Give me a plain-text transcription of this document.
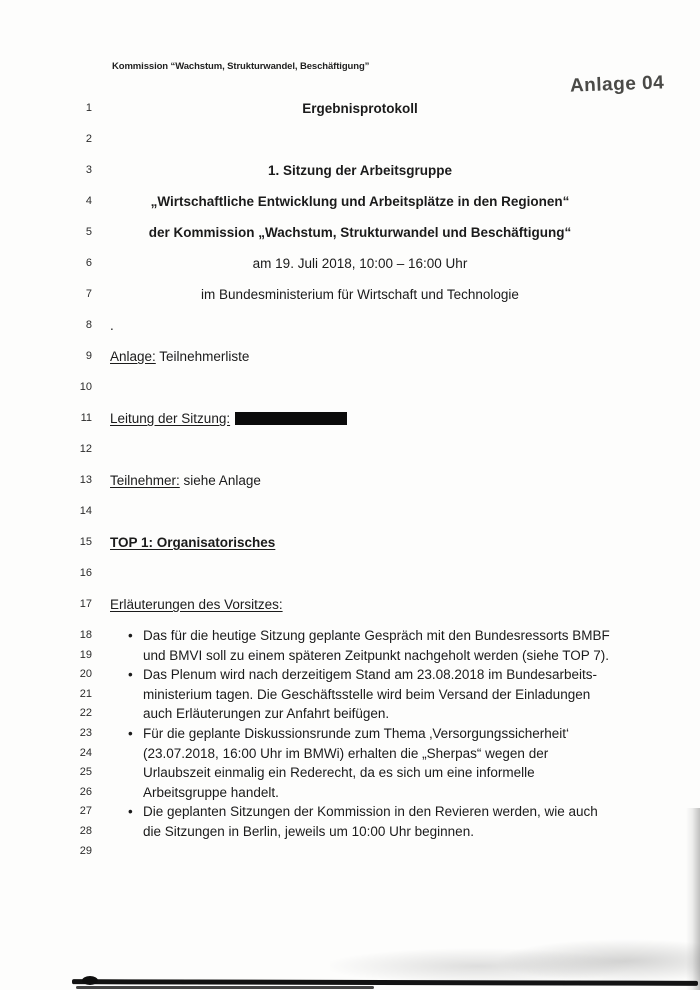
Kommission “Wachstum, Strukturwandel, Beschäftigung”
Anlage 04
1	Ergebnisprotokoll
2
3	1. Sitzung der Arbeitsgruppe
4	„Wirtschaftliche Entwicklung und Arbeitsplätze in den Regionen“
5	der Kommission „Wachstum, Strukturwandel und Beschäftigung“
6	am 19. Juli 2018, 10:00 – 16:00 Uhr
7	im Bundesministerium für Wirtschaft und Technologie
8 .
9 Anlage: Teilnehmerliste
10
11 Leitung der Sitzung:
12
13 Teilnehmer: siehe Anlage
14
15 TOP 1: Organisatorisches
16
17 Erläuterungen des Vorsitzes:
18	• Das für die heutige Sitzung geplante Gespräch mit den Bundesressorts BMBF
19	und BMVI soll zu einem späteren Zeitpunkt nachgeholt werden (siehe TOP 7).
20	• Das Plenum wird nach derzeitigem Stand am 23.08.2018 im Bundesarbeits-
21	ministerium tagen. Die Geschäftsstelle wird beim Versand der Einladungen
22	auch Erläuterungen zur Anfahrt beifügen.
23	• Für die geplante Diskussionsrunde zum Thema ‚Versorgungssicherheit‘
24	(23.07.2018, 16:00 Uhr im BMWi) erhalten die „Sherpas“ wegen der
25	Urlaubszeit einmalig ein Rederecht, da es sich um eine informelle
26	Arbeitsgruppe handelt.
27	• Die geplanten Sitzungen der Kommission in den Revieren werden, wie auch
28	die Sitzungen in Berlin, jeweils um 10:00 Uhr beginnen.
29
